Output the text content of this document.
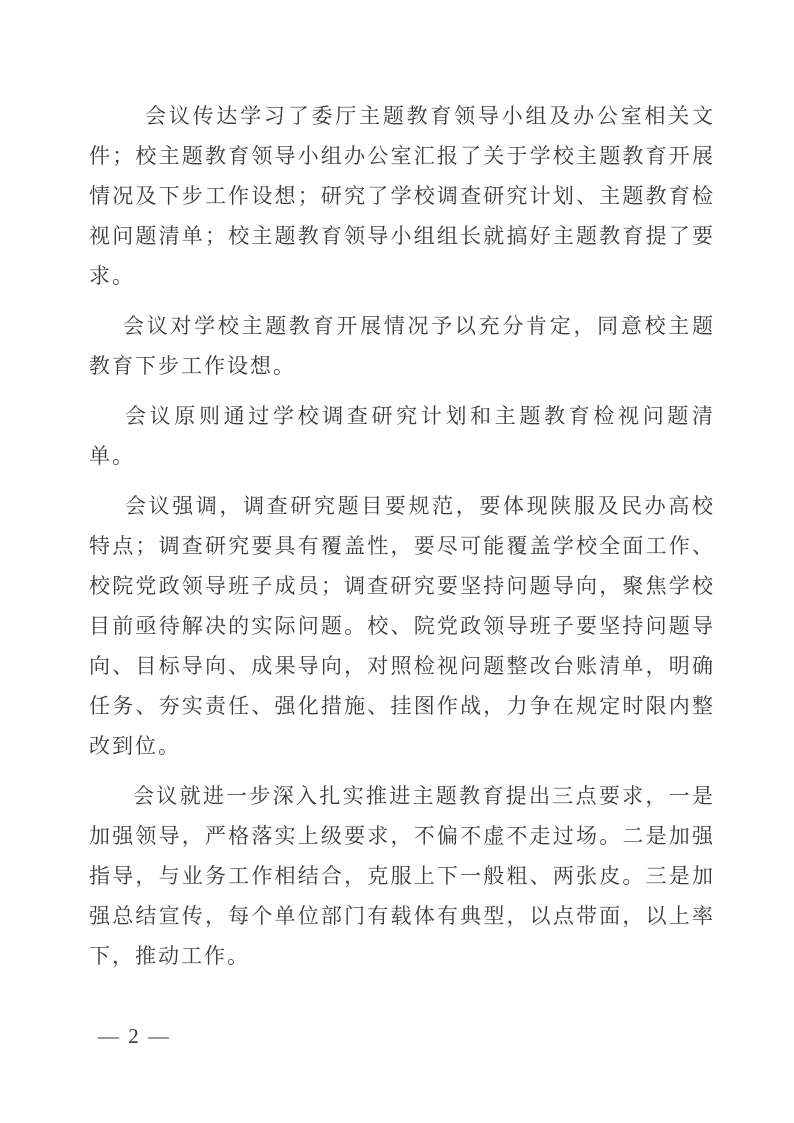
会议传达学习了委厅主题教育领导小组及办公室相关文件；校主题教育领导小组办公室汇报了关于学校主题教育开展情况及下步工作设想；研究了学校调查研究计划、主题教育检视问题清单；校主题教育领导小组组长就搞好主题教育提了要求。

会议对学校主题教育开展情况予以充分肯定，同意校主题教育下步工作设想。

会议原则通过学校调查研究计划和主题教育检视问题清单。

会议强调，调查研究题目要规范，要体现陕服及民办高校特点；调查研究要具有覆盖性，要尽可能覆盖学校全面工作、校院党政领导班子成员；调查研究要坚持问题导向，聚焦学校目前亟待解决的实际问题。校、院党政领导班子要坚持问题导向、目标导向、成果导向，对照检视问题整改台账清单，明确任务、夯实责任、强化措施、挂图作战，力争在规定时限内整改到位。

会议就进一步深入扎实推进主题教育提出三点要求，一是加强领导，严格落实上级要求，不偏不虚不走过场。二是加强指导，与业务工作相结合，克服上下一般粗、两张皮。三是加强总结宣传，每个单位部门有载体有典型，以点带面，以上率下，推动工作。

— 2 —
